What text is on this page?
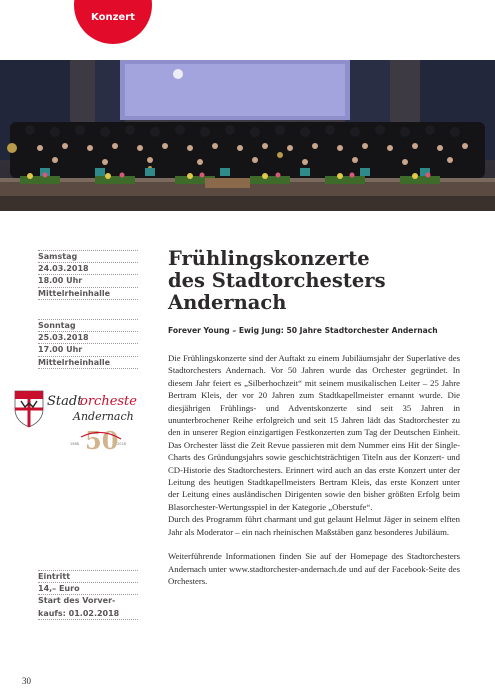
Konzert
Samstag
24.03.2018
18.00 Uhr
Mittelrheinhalle
Sonntag
25.03.2018
17.00 Uhr
Mittelrheinhalle
Stadt
orchester
Andernach
50
1968	2018
Eintritt
14,– Euro
Start des Vorver-
kaufs: 01.02.2018
Frühlingskonzerte
des Stadtorchesters
Andernach
Forever Young – Ewig Jung: 50 Jahre Stadtorchester Andernach

Die Frühlingskonzerte sind der Auftakt zu einem Jubiläumsjahr der Superlative des Stadtorchesters Andernach. Vor 50 Jahren wurde das Orchester gegründet. In diesem Jahr feiert es „Silberhochzeit“ mit seinem musikalischen Leiter – 25 Jahre Bertram Kleis, der vor 20 Jahren zum Stadtkapellmeister ernannt wurde. Die diesjährigen Frühlings- und Adventskonzerte sind seit 35 Jahren in ununterbrochener Reihe erfolgreich und seit 15 Jahren lädt das Stadtorchester zu den in unserer Region einzigartigen Festkonzerten zum Tag der Deutschen Einheit. Das Orchester lässt die Zeit Revue passieren mit dem Nummer eins Hit der Single-Charts des Gründungsjahrs sowie geschichtsträchtigen Titeln aus der Konzert- und CD-Historie des Stadtorchesters. Erinnert wird auch an das erste Konzert unter der Leitung des heutigen Stadtkapellmeisters Bertram Kleis, das erste Konzert unter der Leitung eines ausländischen Dirigenten sowie den bisher größten Erfolg beim Blasorchester-Wertungsspiel in der Kategorie „Oberstufe“.

Durch des Programm führt charmant und gut gelaunt Helmut Jäger in seinem elften Jahr als Moderator – ein nach rheinischen Maßstäben ganz besonderes Jubiläum.

Weiterführende Informationen finden Sie auf der Homepage des Stadtorchesters Andernach unter www.stadtorchester-andernach.de und auf der Facebook-Seite des Orchesters.

30
